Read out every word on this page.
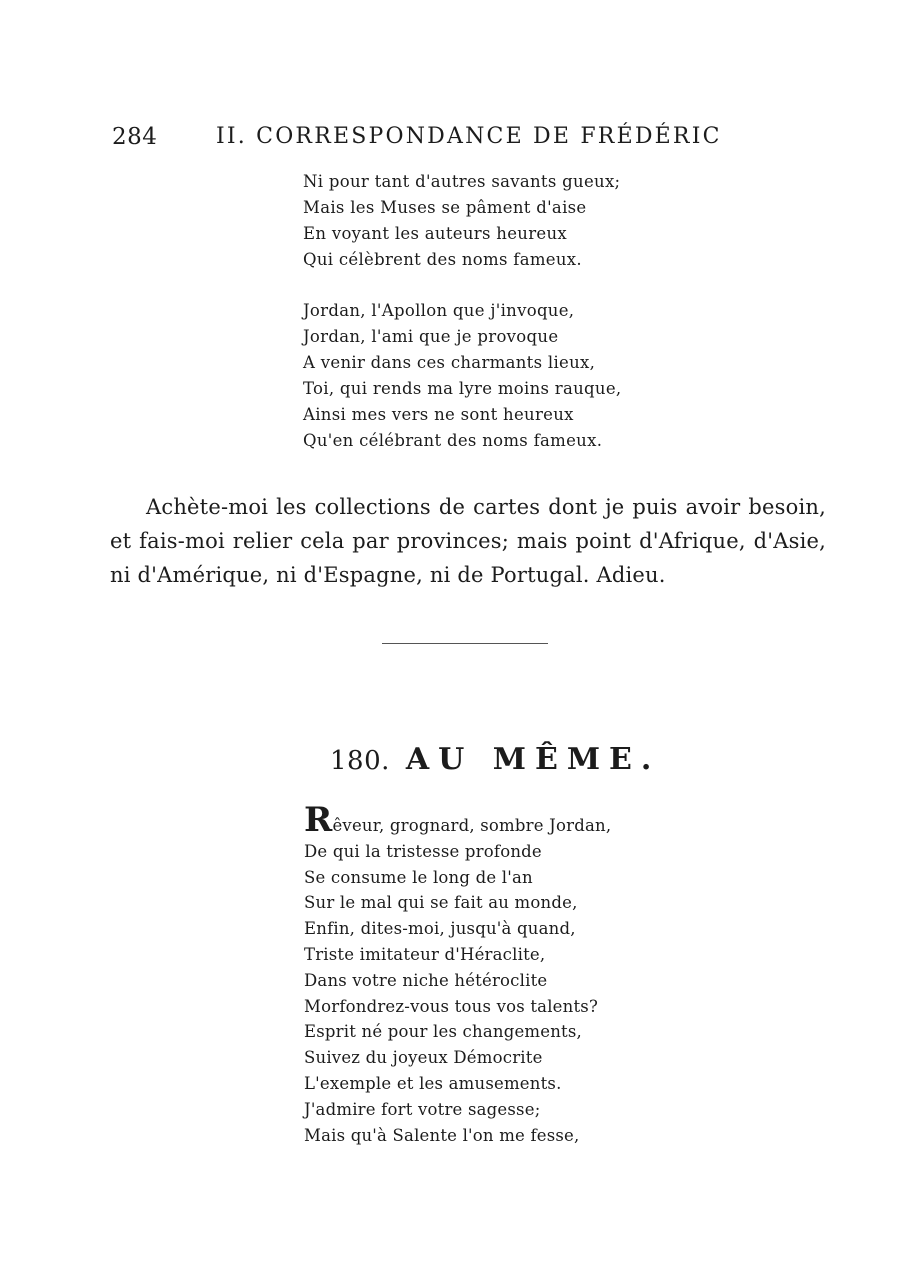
284	II. CORRESPONDANCE DE FRÉDÉRIC
Ni pour tant d'autres savants gueux;
Mais les Muses se pâment d'aise
En voyant les auteurs heureux
Qui célèbrent des noms fameux.
Jordan, l'Apollon que j'invoque,
Jordan, l'ami que je provoque
A venir dans ces charmants lieux,
Toi, qui rends ma lyre moins rauque,
Ainsi mes vers ne sont heureux
Qu'en célébrant des noms fameux.

Achète-moi les collections de cartes dont je puis avoir besoin, et fais-moi relier cela par provinces; mais point d'Afrique, d'Asie, ni d'Amérique, ni d'Espagne, ni de Portugal. Adieu.

180. AU MÊME.
Rêveur, grognard, sombre Jordan,
De qui la tristesse profonde
Se consume le long de l'an
Sur le mal qui se fait au monde,
Enfin, dites-moi, jusqu'à quand,
Triste imitateur d'Héraclite,
Dans votre niche hétéroclite
Morfondrez-vous tous vos talents?
Esprit né pour les changements,
Suivez du joyeux Démocrite
L'exemple et les amusements.
J'admire fort votre sagesse;
Mais qu'à Salente l'on me fesse,
